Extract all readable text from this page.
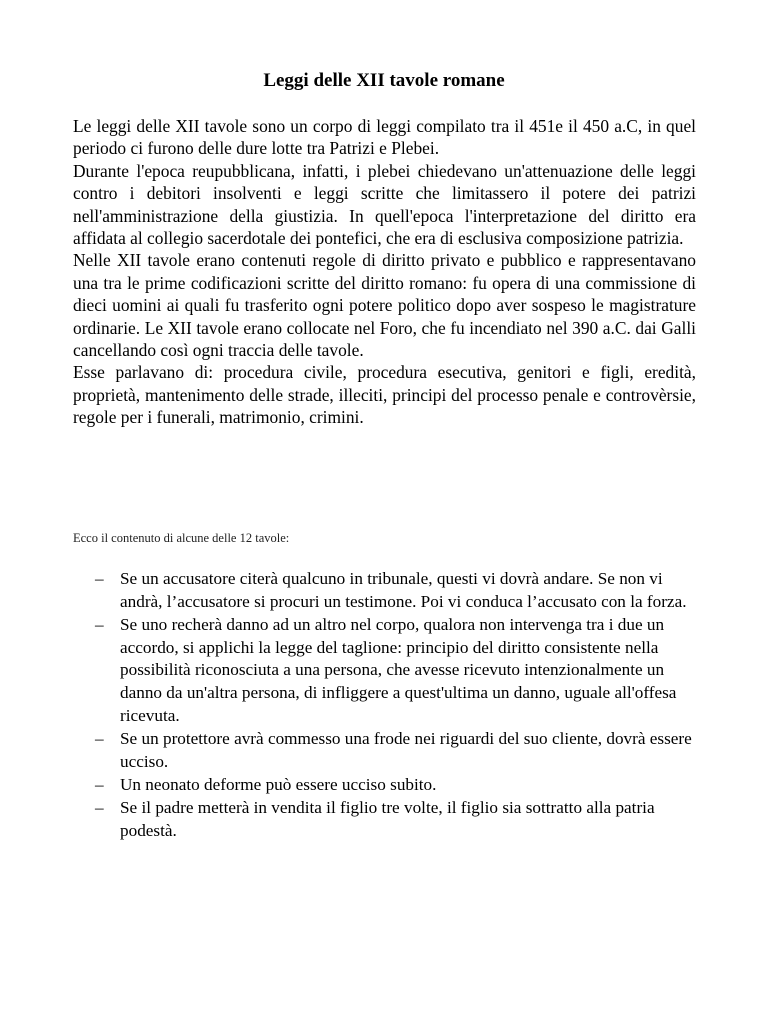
Leggi delle XII tavole romane

Le leggi delle XII tavole sono un corpo di leggi compilato tra il 451e il 450 a.C, in quel periodo ci furono delle dure lotte tra Patrizi e Plebei.

Durante l'epoca reupubblicana, infatti, i plebei chiedevano un'attenuazione delle leggi contro i debitori insolventi e leggi scritte che limitassero il potere dei patrizi nell'amministrazione della giustizia. In quell'epoca l'interpretazione del diritto era affidata al collegio sacerdotale dei pontefici, che era di esclusiva composizione patrizia.

Nelle XII tavole erano contenuti regole di diritto privato e pubblico e rappresentavano una tra le prime codificazioni scritte del diritto romano: fu opera di una commissione di dieci uomini ai quali fu trasferito ogni potere politico dopo aver sospeso le magistrature ordinarie. Le XII tavole erano collocate nel Foro, che fu incendiato nel 390 a.C. dai Galli cancellando così ogni traccia delle tavole.

Esse parlavano di: procedura civile, procedura esecutiva, genitori e figli, eredità, proprietà, mantenimento delle strade, illeciti, principi del processo penale e controvèrsie, regole per i funerali, matrimonio, crimini.

Ecco il contenuto di alcune delle 12 tavole:

– Se un accusatore citerà qualcuno in tribunale, questi vi dovrà andare. Se non vi andrà, l’accusatore si procuri un testimone. Poi vi conduca l’accusato con la forza.
– Se uno recherà danno ad un altro nel corpo, qualora non intervenga tra i due un accordo, si applichi la legge del taglione: principio del diritto consistente nella possibilità riconosciuta a una persona, che avesse ricevuto intenzionalmente un danno da un'altra persona, di infliggere a quest'ultima un danno, uguale all'offesa ricevuta.
– Se un protettore avrà commesso una frode nei riguardi del suo cliente, dovrà essere ucciso.
– Un neonato deforme può essere ucciso subito.
– Se il padre metterà in vendita il figlio tre volte, il figlio sia sottratto alla patria podestà.
